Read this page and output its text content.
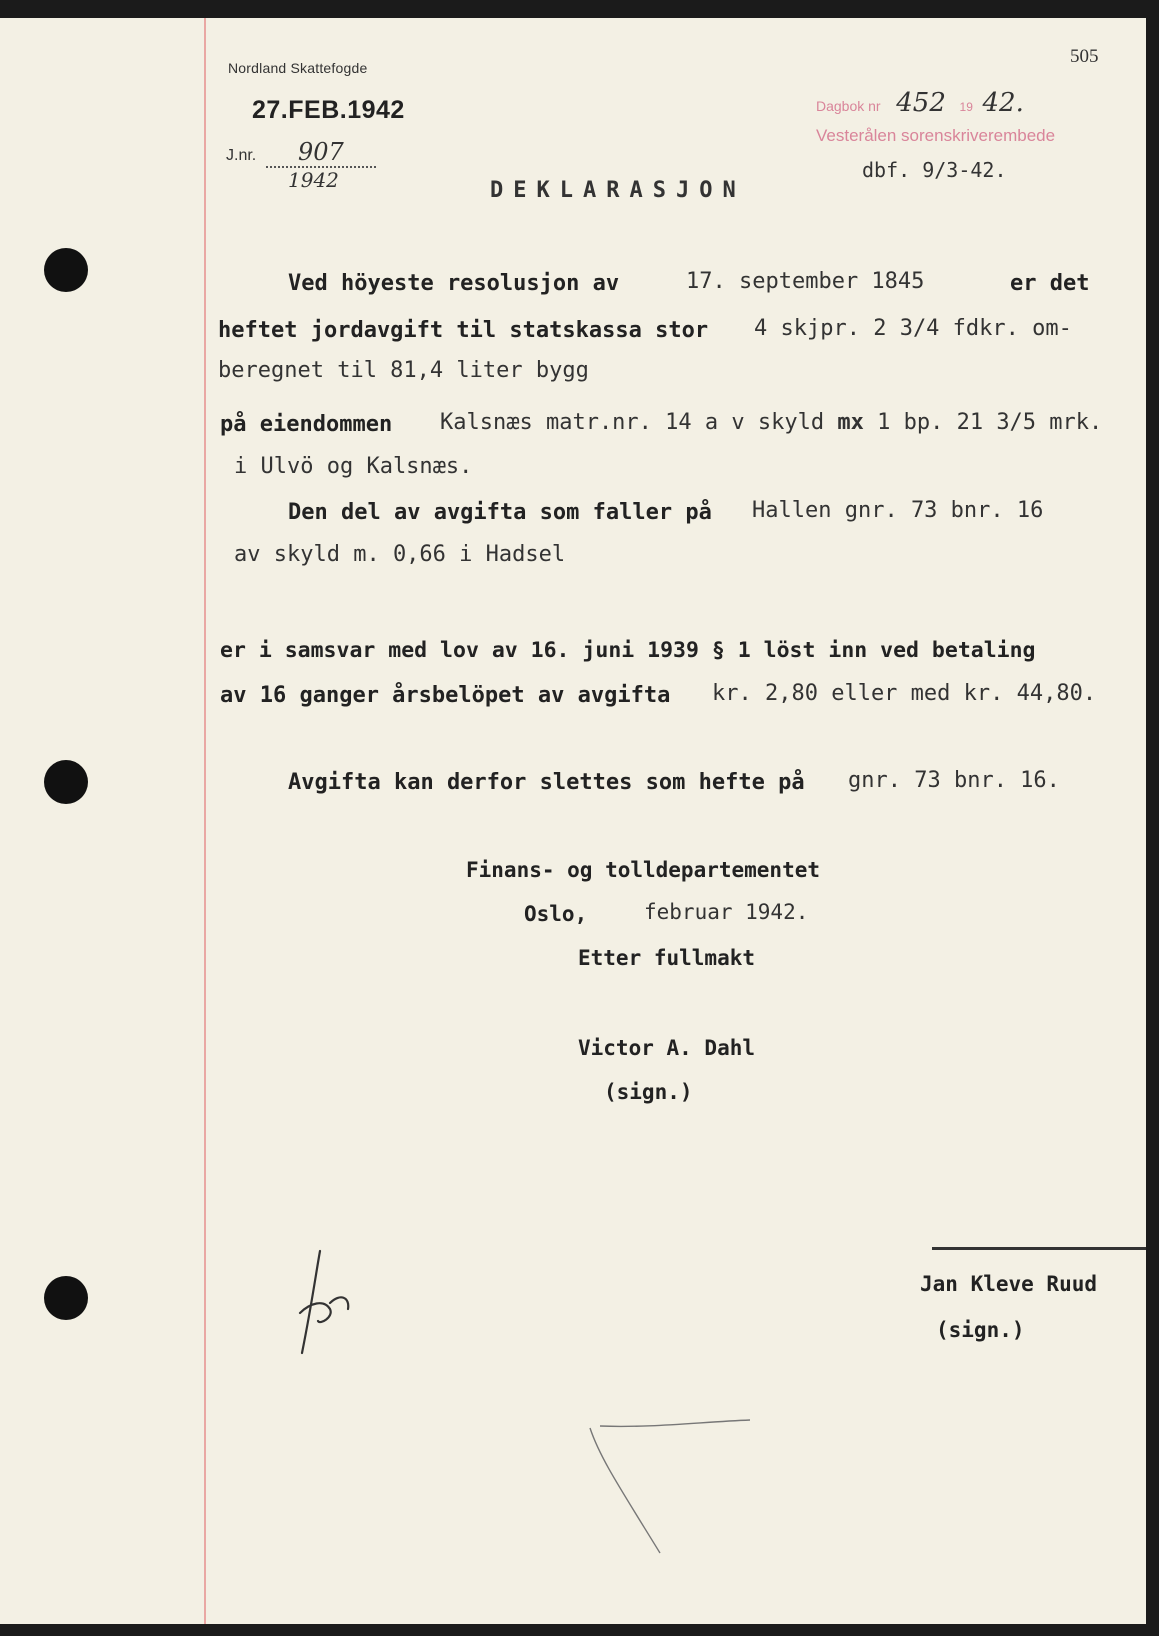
505
Nordland Skattefogde
27.FEB.1942
J.nr. 907
1942
Dagbok nr 452 19 42.
Vesterålen sorenskriverembede
dbf. 9/3-42.
DEKLARASJON
Ved höyeste resolusjon av	17. september 1845	er det
heftet jordavgift til statskassa stor 4 skjpr. 2 3/4 fdkr. om-
beregnet til 81,4 liter bygg
på eiendommen Kalsnæs matr.nr. 14 a v skyld mx 1 bp. 21 3/5 mrk.
i Ulvö og Kalsnæs.
Den del av avgifta som faller på Hallen gnr. 73 bnr. 16
av skyld m. 0,66 i Hadsel
er i samsvar med lov av 16. juni 1939 § 1 löst inn ved betaling
av 16 ganger årsbelöpet av avgifta kr. 2,80 eller med kr. 44,80.
Avgifta kan derfor slettes som hefte på gnr. 73 bnr. 16.
Finans- og tolldepartementet
Oslo,	februar 1942.
Etter fullmakt
Victor A. Dahl
(sign.)
Jan Kleve Ruud
(sign.)
